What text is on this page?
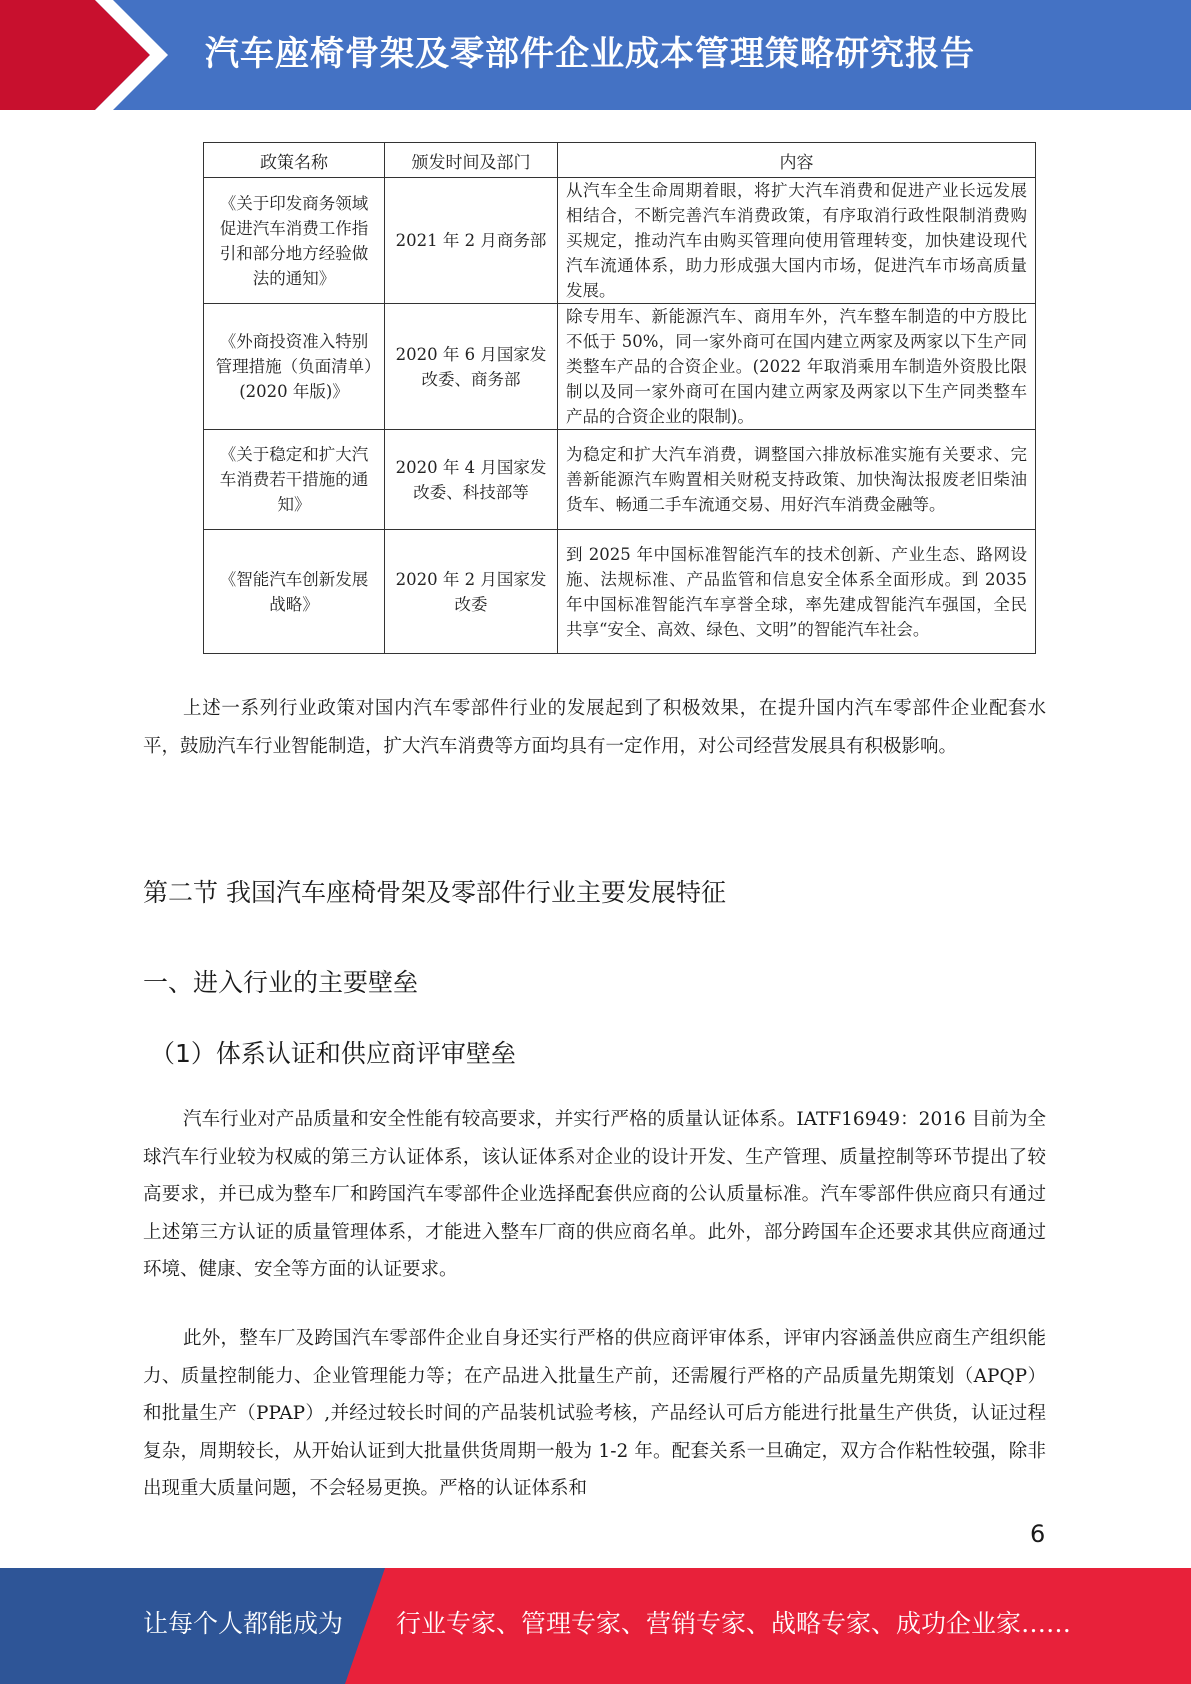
汽车座椅骨架及零部件企业成本管理策略研究报告
政策名称	颁发时间及部门	内容
《关于印发商务领域促进汽车消费工作指引和部分地方经验做法的通知》	2021 年 2 月商务部	从汽车全生命周期着眼，将扩大汽车消费和促进产业长远发展相结合，不断完善汽车消费政策，有序取消行政性限制消费购买规定，推动汽车由购买管理向使用管理转变，加快建设现代汽车流通体系，助力形成强大国内市场，促进汽车市场高质量发展。
《外商投资准入特别管理措施（负面清单）(2020 年版)》	2020 年 6 月国家发改委、商务部	除专用车、新能源汽车、商用车外，汽车整车制造的中方股比不低于 50%，同一家外商可在国内建立两家及两家以下生产同类整车产品的合资企业。(2022 年取消乘用车制造外资股比限制以及同一家外商可在国内建立两家及两家以下生产同类整车产品的合资企业的限制)。
《关于稳定和扩大汽车消费若干措施的通知》	2020 年 4 月国家发改委、科技部等	为稳定和扩大汽车消费，调整国六排放标准实施有关要求、完善新能源汽车购置相关财税支持政策、加快淘汰报废老旧柴油货车、畅通二手车流通交易、用好汽车消费金融等。
《智能汽车创新发展战略》	2020 年 2 月国家发改委	到 2025 年中国标准智能汽车的技术创新、产业生态、路网设施、法规标准、产品监管和信息安全体系全面形成。到 2035 年中国标准智能汽车享誉全球，率先建成智能汽车强国，全民共享“安全、高效、绿色、文明”的智能汽车社会。

上述一系列行业政策对国内汽车零部件行业的发展起到了积极效果，在提升国内汽车零部件企业配套水平，鼓励汽车行业智能制造，扩大汽车消费等方面均具有一定作用，对公司经营发展具有积极影响。

第二节 我国汽车座椅骨架及零部件行业主要发展特征
一、进入行业的主要壁垒
（1）体系认证和供应商评审壁垒

汽车行业对产品质量和安全性能有较高要求，并实行严格的质量认证体系。IATF16949：2016 目前为全球汽车行业较为权威的第三方认证体系，该认证体系对企业的设计开发、生产管理、质量控制等环节提出了较高要求，并已成为整车厂和跨国汽车零部件企业选择配套供应商的公认质量标准。汽车零部件供应商只有通过上述第三方认证的质量管理体系，才能进入整车厂商的供应商名单。此外，部分跨国车企还要求其供应商通过环境、健康、安全等方面的认证要求。

此外，整车厂及跨国汽车零部件企业自身还实行严格的供应商评审体系，评审内容涵盖供应商生产组织能力、质量控制能力、企业管理能力等；在产品进入批量生产前，还需履行严格的产品质量先期策划（APQP）和批量生产（PPAP）,并经过较长时间的产品装机试验考核，产品经认可后方能进行批量生产供货，认证过程复杂，周期较长，从开始认证到大批量供货周期一般为 1-2 年。配套关系一旦确定，双方合作粘性较强，除非出现重大质量问题，不会轻易更换。严格的认证体系和

6
让每个人都能成为 行业专家、管理专家、营销专家、战略专家、成功企业家……
